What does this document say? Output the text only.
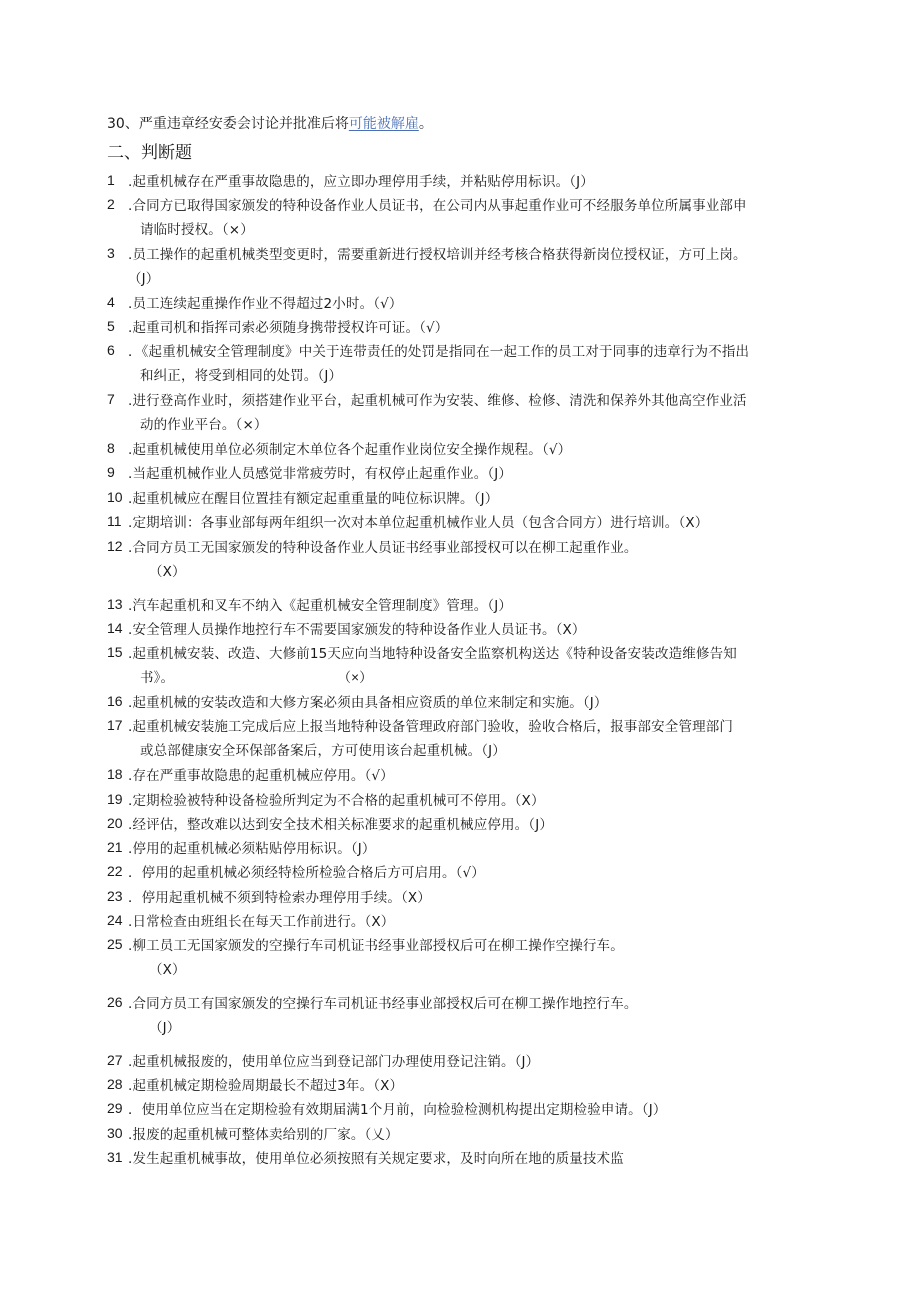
30、严重违章经安委会讨论并批准后将可能被解雇。
二、判断题
1 .起重机械存在严重事故隐患的，应立即办理停用手续，并粘贴停用标识。（J）
2 .合同方已取得国家颁发的特种设备作业人员证书，在公司内从事起重作业可不经服务单位所属事业部申
请临时授权。（×）
3 .员工操作的起重机械类型变更时，需要重新进行授权培训并经考核合格获得新岗位授权证，方可上岗。
（J）
4 .员工连续起重操作作业不得超过2小时。（√）
5 .起重司机和指挥司索必须随身携带授权许可证。（√）
6 ．《起重机械安全管理制度》中关于连带责任的处罚是指同在一起工作的员工对于同事的违章行为不指出
和纠正，将受到相同的处罚。（J）
7 .进行登高作业时，须搭建作业平台，起重机械可作为安装、维修、检修、清洗和保养外其他高空作业活
动的作业平台。（×）
8 .起重机械使用单位必须制定木单位各个起重作业岗位安全操作规程。（√）
9 .当起重机械作业人员感觉非常疲劳时，有权停止起重作业。（J）
10 .起重机械应在醒目位置挂有额定起重重量的吨位标识牌。（J）
11 .定期培训：各事业部每两年组织一次对本单位起重机械作业人员（包含合同方）进行培训。（X）
12 .合同方员工无国家颁发的特种设备作业人员证书经事业部授权可以在柳工起重作业。
（X）
13 .汽车起重机和叉车不纳入《起重机械安全管理制度》管理。（J）
14 .安全管理人员操作地控行车不需要国家颁发的特种设备作业人员证书。（X）
15 .起重机械安装、改造、大修前15天应向当地特种设备安全监察机构送达《特种设备安装改造维修告知
书》。	（×）
16 .起重机械的安装改造和大修方案必须由具备相应资质的单位来制定和实施。（J）
17 .起重机械安装施工完成后应上报当地特种设备管理政府部门验收，验收合格后，报事部安全管理部门
或总部健康安全环保部备案后，方可使用该台起重机械。（J）
18 .存在严重事故隐患的起重机械应停用。（√）
19 .定期检验被特种设备检验所判定为不合格的起重机械可不停用。（X）
20 .经评估，整改难以达到安全技术相关标准要求的起重机械应停用。（J）
21 .停用的起重机械必须粘贴停用标识。（J）
22 ．停用的起重机械必须经特检所检验合格后方可启用。（√）
23 ．停用起重机械不须到特检索办理停用手续。（X）
24 .日常检查由班组长在每天工作前进行。（X）
25 .柳工员工无国家颁发的空操行车司机证书经事业部授权后可在柳工操作空操行车。
（X）
26 .合同方员工有国家颁发的空操行车司机证书经事业部授权后可在柳工操作地控行车。
（J）
27 .起重机械报废的，使用单位应当到登记部门办理使用登记注销。（J）
28 .起重机械定期检验周期最长不超过3年。（X）
29 ．使用单位应当在定期检验有效期届满1个月前，向检验检测机构提出定期检验申请。（J）
30 .报废的起重机械可整体卖给别的厂家。（乂）
31 .发生起重机械事故，使用单位必须按照有关规定要求，及时向所在地的质量技术监
